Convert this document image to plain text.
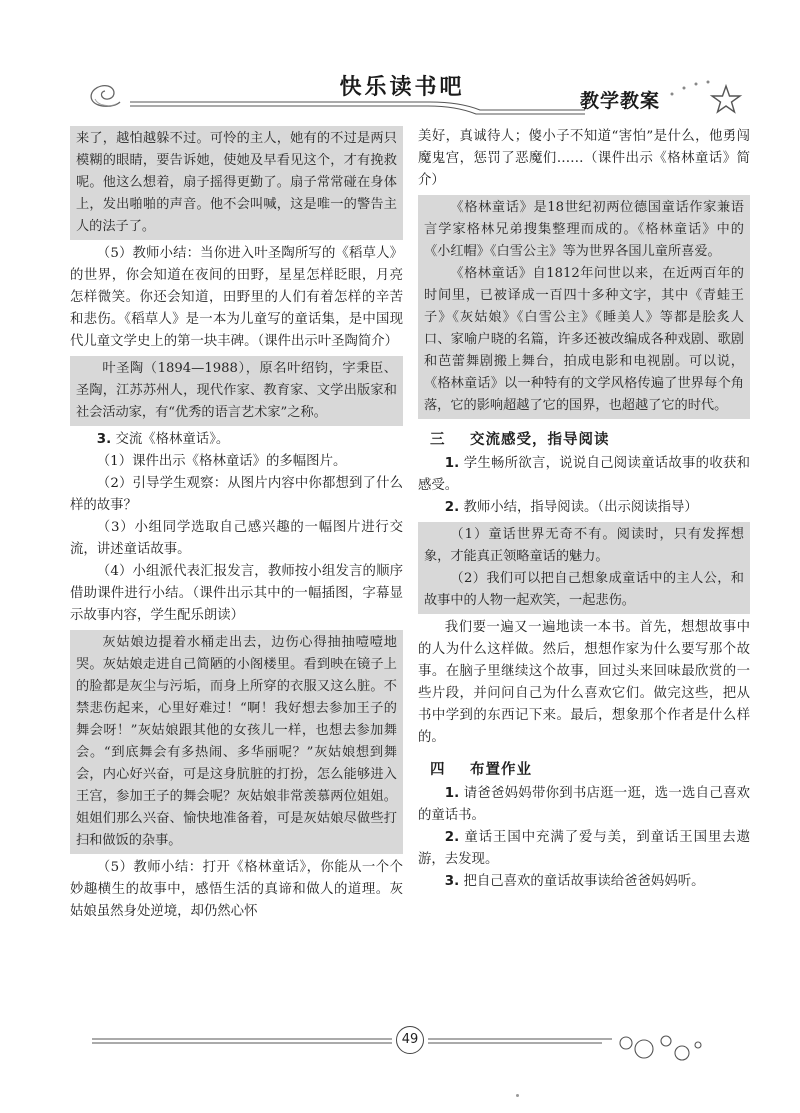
快乐读书吧
教学教案
来了，越怕越躲不过。可怜的主人，她有的不过是两只模糊的眼睛，要告诉她，使她及早看见这个，才有挽救呢。他这么想着，扇子摇得更勤了。扇子常常碰在身体上，发出啪啪的声音。他不会叫喊，这是唯一的警告主人的法子了。
（5）教师小结：当你进入叶圣陶所写的《稻草人》的世界，你会知道在夜间的田野，星星怎样眨眼，月亮怎样微笑。你还会知道，田野里的人们有着怎样的辛苦和悲伤。《稻草人》是一本为儿童写的童话集，是中国现代儿童文学史上的第一块丰碑。（课件出示叶圣陶简介）
叶圣陶（1894—1988），原名叶绍钧，字秉臣、圣陶，江苏苏州人，现代作家、教育家、文学出版家和社会活动家，有“优秀的语言艺术家”之称。
3. 交流《格林童话》。
（1）课件出示《格林童话》的多幅图片。
（2）引导学生观察：从图片内容中你都想到了什么样的故事？
（3）小组同学选取自己感兴趣的一幅图片进行交流，讲述童话故事。
（4）小组派代表汇报发言，教师按小组发言的顺序借助课件进行小结。（课件出示其中的一幅插图，字幕显示故事内容，学生配乐朗读）
灰姑娘边提着水桶走出去，边伤心得抽抽噎噎地哭。灰姑娘走进自己简陋的小阁楼里。看到映在镜子上的脸都是灰尘与污垢，而身上所穿的衣服又这么脏。不禁悲伤起来，心里好难过！“啊！我好想去参加王子的舞会呀！”灰姑娘跟其他的女孩儿一样，也想去参加舞会。“到底舞会有多热闹、多华丽呢？”灰姑娘想到舞会，内心好兴奋，可是这身肮脏的打扮，怎么能够进入王宫，参加王子的舞会呢？灰姑娘非常羡慕两位姐姐。姐姐们那么兴奋、愉快地准备着，可是灰姑娘尽做些打扫和做饭的杂事。
（5）教师小结：打开《格林童话》，你能从一个个妙趣横生的故事中，感悟生活的真谛和做人的道理。灰姑娘虽然身处逆境，却仍然心怀
美好，真诚待人；傻小子不知道“害怕”是什么，他勇闯魔鬼宫，惩罚了恶魔们……（课件出示《格林童话》简介）
《格林童话》是18世纪初两位德国童话作家兼语言学家格林兄弟搜集整理而成的。《格林童话》中的《小红帽》《白雪公主》等为世界各国儿童所喜爱。
《格林童话》自1812年问世以来，在近两百年的时间里，已被译成一百四十多种文字，其中《青蛙王子》《灰姑娘》《白雪公主》《睡美人》等都是脍炙人口、家喻户晓的名篇，许多还被改编成各种戏剧、歌剧和芭蕾舞剧搬上舞台，拍成电影和电视剧。可以说，《格林童话》以一种特有的文学风格传遍了世界每个角落，它的影响超越了它的国界，也超越了它的时代。
三 交流感受，指导阅读
1. 学生畅所欲言，说说自己阅读童话故事的收获和感受。
2. 教师小结，指导阅读。（出示阅读指导）
（1）童话世界无奇不有。阅读时，只有发挥想象，才能真正领略童话的魅力。
（2）我们可以把自己想象成童话中的主人公，和故事中的人物一起欢笑，一起悲伤。
我们要一遍又一遍地读一本书。首先，想想故事中的人为什么这样做。然后，想想作家为什么要写那个故事。在脑子里继续这个故事，回过头来回味最欣赏的一些片段，并问问自己为什么喜欢它们。做完这些，把从书中学到的东西记下来。最后，想象那个作者是什么样的。
四 布置作业
1. 请爸爸妈妈带你到书店逛一逛，选一选自己喜欢的童话书。
2. 童话王国中充满了爱与美，到童话王国里去遨游，去发现。
3. 把自己喜欢的童话故事读给爸爸妈妈听。
49
